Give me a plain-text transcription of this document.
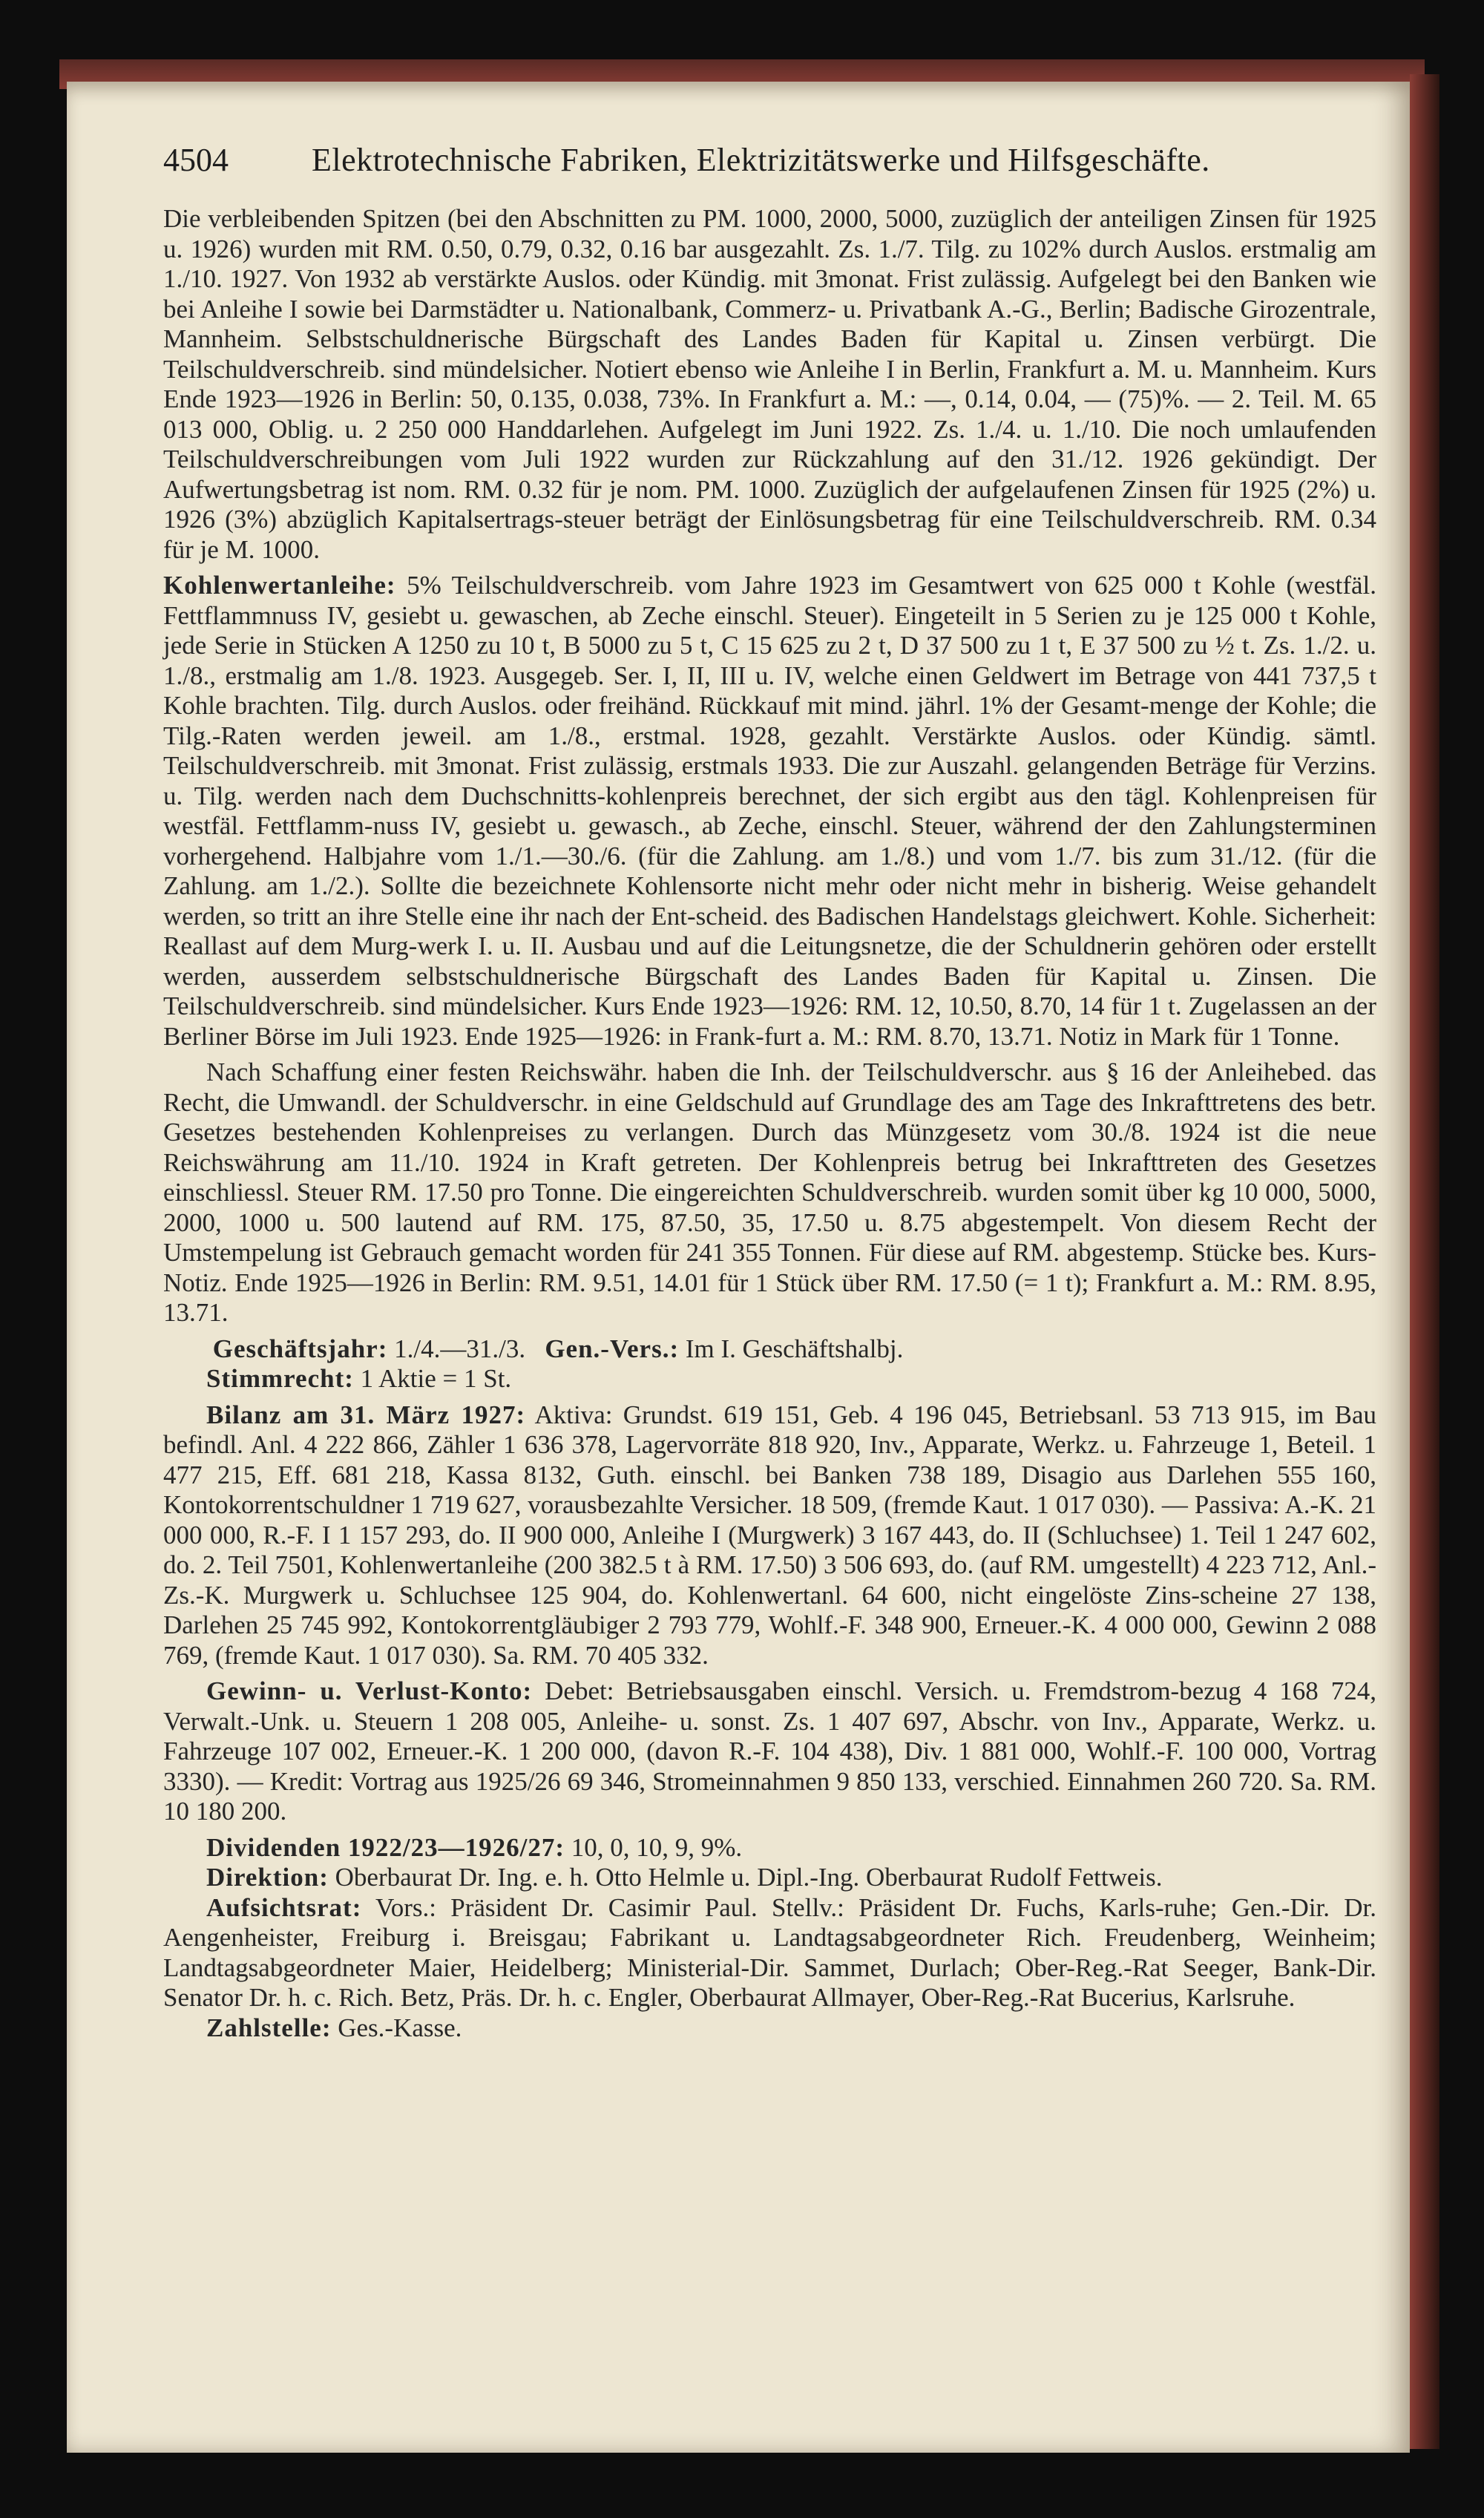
4504	Elektrotechnische Fabriken, Elektrizitätswerke und Hilfsgeschäfte.

Die verbleibenden Spitzen (bei den Abschnitten zu PM. 1000, 2000, 5000, zuzüglich der anteiligen Zinsen für 1925 u. 1926) wurden mit RM. 0.50, 0.79, 0.32, 0.16 bar ausgezahlt. Zs. 1./7. Tilg. zu 102% durch Auslos. erstmalig am 1./10. 1927. Von 1932 ab verstärkte Auslos. oder Kündig. mit 3monat. Frist zulässig. Aufgelegt bei den Banken wie bei Anleihe I sowie bei Darmstädter u. Nationalbank, Commerz- u. Privatbank A.-G., Berlin; Badische Girozentrale, Mannheim. Selbstschuldnerische Bürgschaft des Landes Baden für Kapital u. Zinsen verbürgt. Die Teilschuldverschreib. sind mündelsicher. Notiert ebenso wie Anleihe I in Berlin, Frankfurt a. M. u. Mannheim. Kurs Ende 1923—1926 in Berlin: 50, 0.135, 0.038, 73%. In Frankfurt a. M.: —, 0.14, 0.04, — (75)%. — 2. Teil. M. 65 013 000, Oblig. u. 2 250 000 Handdarlehen. Aufgelegt im Juni 1922. Zs. 1./4. u. 1./10. Die noch umlaufenden Teilschuldverschreibungen vom Juli 1922 wurden zur Rückzahlung auf den 31./12. 1926 gekündigt. Der Aufwertungsbetrag ist nom. RM. 0.32 für je nom. PM. 1000. Zuzüglich der aufgelaufenen Zinsen für 1925 (2%) u. 1926 (3%) abzüglich Kapitalsertrags-steuer beträgt der Einlösungsbetrag für eine Teilschuldverschreib. RM. 0.34 für je M. 1000.

Kohlenwertanleihe: 5% Teilschuldverschreib. vom Jahre 1923 im Gesamtwert von 625 000 t Kohle (westfäl. Fettflammnuss IV, gesiebt u. gewaschen, ab Zeche einschl. Steuer). Eingeteilt in 5 Serien zu je 125 000 t Kohle, jede Serie in Stücken A 1250 zu 10 t, B 5000 zu 5 t, C 15 625 zu 2 t, D 37 500 zu 1 t, E 37 500 zu ½ t. Zs. 1./2. u. 1./8., erstmalig am 1./8. 1923. Ausgegeb. Ser. I, II, III u. IV, welche einen Geldwert im Betrage von 441 737,5 t Kohle brachten. Tilg. durch Auslos. oder freihänd. Rückkauf mit mind. jährl. 1% der Gesamt-menge der Kohle; die Tilg.-Raten werden jeweil. am 1./8., erstmal. 1928, gezahlt. Verstärkte Auslos. oder Kündig. sämtl. Teilschuldverschreib. mit 3monat. Frist zulässig, erstmals 1933. Die zur Auszahl. gelangenden Beträge für Verzins. u. Tilg. werden nach dem Duchschnitts-kohlenpreis berechnet, der sich ergibt aus den tägl. Kohlenpreisen für westfäl. Fettflamm-nuss IV, gesiebt u. gewasch., ab Zeche, einschl. Steuer, während der den Zahlungsterminen vorhergehend. Halbjahre vom 1./1.—30./6. (für die Zahlung. am 1./8.) und vom 1./7. bis zum 31./12. (für die Zahlung. am 1./2.). Sollte die bezeichnete Kohlensorte nicht mehr oder nicht mehr in bisherig. Weise gehandelt werden, so tritt an ihre Stelle eine ihr nach der Ent-scheid. des Badischen Handelstags gleichwert. Kohle. Sicherheit: Reallast auf dem Murg-werk I. u. II. Ausbau und auf die Leitungsnetze, die der Schuldnerin gehören oder erstellt werden, ausserdem selbstschuldnerische Bürgschaft des Landes Baden für Kapital u. Zinsen. Die Teilschuldverschreib. sind mündelsicher. Kurs Ende 1923—1926: RM. 12, 10.50, 8.70, 14 für 1 t. Zugelassen an der Berliner Börse im Juli 1923. Ende 1925—1926: in Frank-furt a. M.: RM. 8.70, 13.71. Notiz in Mark für 1 Tonne.

Nach Schaffung einer festen Reichswähr. haben die Inh. der Teilschuldverschr. aus § 16 der Anleihebed. das Recht, die Umwandl. der Schuldverschr. in eine Geldschuld auf Grundlage des am Tage des Inkrafttretens des betr. Gesetzes bestehenden Kohlenpreises zu verlangen. Durch das Münzgesetz vom 30./8. 1924 ist die neue Reichswährung am 11./10. 1924 in Kraft getreten. Der Kohlenpreis betrug bei Inkrafttreten des Gesetzes einschliessl. Steuer RM. 17.50 pro Tonne. Die eingereichten Schuldverschreib. wurden somit über kg 10 000, 5000, 2000, 1000 u. 500 lautend auf RM. 175, 87.50, 35, 17.50 u. 8.75 abgestempelt. Von diesem Recht der Umstempelung ist Gebrauch gemacht worden für 241 355 Tonnen. Für diese auf RM. abgestemp. Stücke bes. Kurs-Notiz. Ende 1925—1926 in Berlin: RM. 9.51, 14.01 für 1 Stück über RM. 17.50 (= 1 t); Frankfurt a. M.: RM. 8.95, 13.71.

Geschäftsjahr: 1./4.—31./3. Gen.-Vers.: Im I. Geschäftshalbj.

Stimmrecht: 1 Aktie = 1 St.

Bilanz am 31. März 1927: Aktiva: Grundst. 619 151, Geb. 4 196 045, Betriebsanl. 53 713 915, im Bau befindl. Anl. 4 222 866, Zähler 1 636 378, Lagervorräte 818 920, Inv., Apparate, Werkz. u. Fahrzeuge 1, Beteil. 1 477 215, Eff. 681 218, Kassa 8132, Guth. einschl. bei Banken 738 189, Disagio aus Darlehen 555 160, Kontokorrentschuldner 1 719 627, vorausbezahlte Versicher. 18 509, (fremde Kaut. 1 017 030). — Passiva: A.-K. 21 000 000, R.-F. I 1 157 293, do. II 900 000, Anleihe I (Murgwerk) 3 167 443, do. II (Schluchsee) 1. Teil 1 247 602, do. 2. Teil 7501, Kohlenwertanleihe (200 382.5 t à RM. 17.50) 3 506 693, do. (auf RM. umgestellt) 4 223 712, Anl.-Zs.-K. Murgwerk u. Schluchsee 125 904, do. Kohlenwertanl. 64 600, nicht eingelöste Zins-scheine 27 138, Darlehen 25 745 992, Kontokorrentgläubiger 2 793 779, Wohlf.-F. 348 900, Erneuer.-K. 4 000 000, Gewinn 2 088 769, (fremde Kaut. 1 017 030). Sa. RM. 70 405 332.

Gewinn- u. Verlust-Konto: Debet: Betriebsausgaben einschl. Versich. u. Fremdstrom-bezug 4 168 724, Verwalt.-Unk. u. Steuern 1 208 005, Anleihe- u. sonst. Zs. 1 407 697, Abschr. von Inv., Apparate, Werkz. u. Fahrzeuge 107 002, Erneuer.-K. 1 200 000, (davon R.-F. 104 438), Div. 1 881 000, Wohlf.-F. 100 000, Vortrag 3330). — Kredit: Vortrag aus 1925/26 69 346, Stromeinnahmen 9 850 133, verschied. Einnahmen 260 720. Sa. RM. 10 180 200.

Dividenden 1922/23—1926/27: 10, 0, 10, 9, 9%.

Direktion: Oberbaurat Dr. Ing. e. h. Otto Helmle u. Dipl.-Ing. Oberbaurat Rudolf Fettweis.

Aufsichtsrat: Vors.: Präsident Dr. Casimir Paul. Stellv.: Präsident Dr. Fuchs, Karls-ruhe; Gen.-Dir. Dr. Aengenheister, Freiburg i. Breisgau; Fabrikant u. Landtagsabgeordneter Rich. Freudenberg, Weinheim; Landtagsabgeordneter Maier, Heidelberg; Ministerial-Dir. Sammet, Durlach; Ober-Reg.-Rat Seeger, Bank-Dir. Senator Dr. h. c. Rich. Betz, Präs. Dr. h. c. Engler, Oberbaurat Allmayer, Ober-Reg.-Rat Bucerius, Karlsruhe.

Zahlstelle: Ges.-Kasse.
